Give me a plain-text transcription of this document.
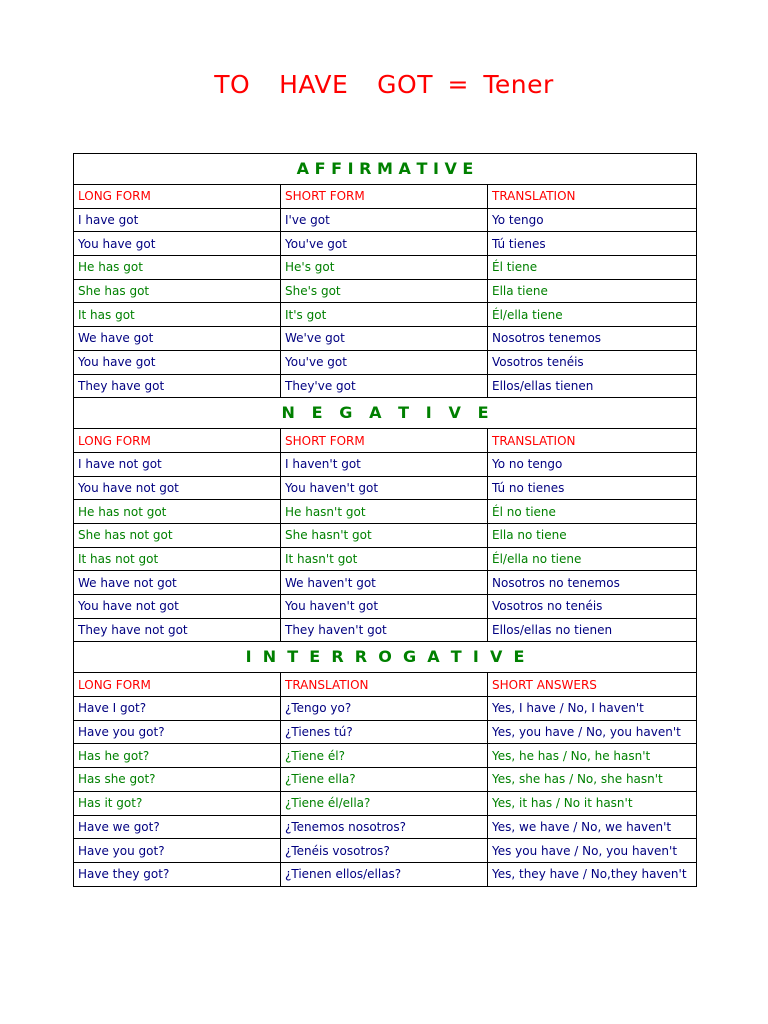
TO  HAVE  GOT = Tener
A F F I R M A T I V E		
LONG FORM	SHORT FORM	TRANSLATION
I have got	I've got	Yo tengo
You have got	You've got	Tú tienes
He has got	He's got	Él tiene
She has got	She's got	Ella tiene
It has got	It's got	Él/ella tiene
We have got	We've got	Nosotros tenemos
You have got	You've got	Vosotros tenéis
They have got	They've got	Ellos/ellas tienen
N   E   G   A   T   I   V   E		
LONG FORM	SHORT FORM	TRANSLATION
I have not got	I haven't got	Yo no tengo
You have not got	You haven't got	Tú no tienes
He has not got	He hasn't got	Él no tiene
She has not got	She hasn't got	Ella no tiene
It has not got	It hasn't got	Él/ella no tiene
We have not got	We haven't got	Nosotros no tenemos
You have not got	You haven't got	Vosotros no tenéis
They have not got	They haven't got	Ellos/ellas no tienen
I  N  T  E  R  R  O  G  A  T  I  V  E		
LONG FORM	TRANSLATION	SHORT ANSWERS
Have I got?	¿Tengo yo?	Yes, I have / No, I haven't
Have you got?	¿Tienes tú?	Yes, you have / No, you haven't
Has he got?	¿Tiene él?	Yes, he has / No, he hasn't
Has she got?	¿Tiene ella?	Yes, she has / No, she hasn't
Has it got?	¿Tiene él/ella?	Yes, it has / No it hasn't
Have we got?	¿Tenemos nosotros?	Yes, we have / No, we haven't
Have you got?	¿Tenéis vosotros?	Yes you have / No, you haven't
Have they got?	¿Tienen ellos/ellas?	Yes, they have / No,they haven't
